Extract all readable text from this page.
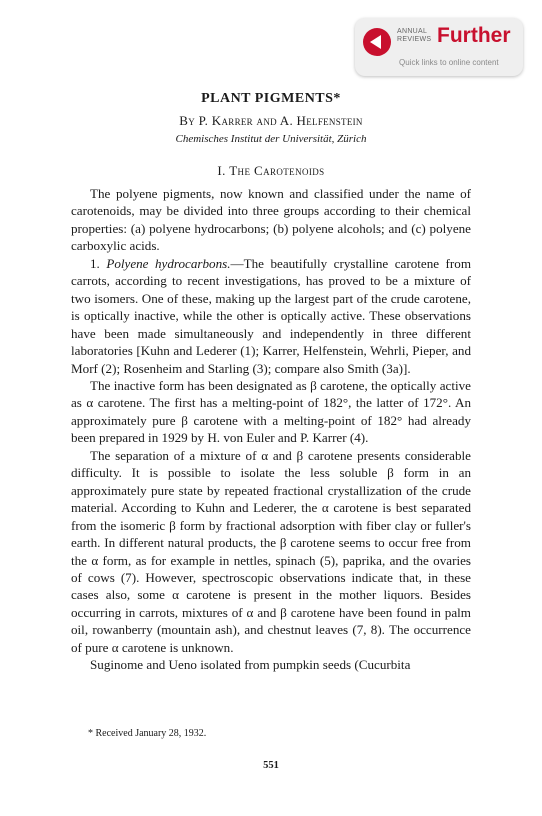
ANNUAL
REVIEWS Further
Quick links to online content
PLANT PIGMENTS*
By P. Karrer and A. Helfenstein
Chemisches Institut der Universität, Zürich
I. The Carotenoids

The polyene pigments, now known and classified under the name of carotenoids, may be divided into three groups according to their chemical properties: (a) polyene hydrocarbons; (b) polyene alcohols; and (c) polyene carboxylic acids.

1. Polyene hydrocarbons.—The beautifully crystalline carotene from carrots, according to recent investigations, has proved to be a mixture of two isomers. One of these, making up the largest part of the crude carotene, is optically inactive, while the other is optically active. These observations have been made simultaneously and independently in three different laboratories [Kuhn and Lederer (1); Karrer, Helfenstein, Wehrli, Pieper, and Morf (2); Rosenheim and Starling (3); compare also Smith (3a)].

The inactive form has been designated as β carotene, the optically active as α carotene. The first has a melting-point of 182°, the latter of 172°. An approximately pure β carotene with a melting-point of 182° had already been prepared in 1929 by H. von Euler and P. Karrer (4).

The separation of a mixture of α and β carotene presents considerable difficulty. It is possible to isolate the less soluble β form in an approximately pure state by repeated fractional crystallization of the crude material. According to Kuhn and Lederer, the α carotene is best separated from the isomeric β form by fractional adsorption with fiber clay or fuller's earth. In different natural products, the β carotene seems to occur free from the α form, as for example in nettles, spinach (5), paprika, and the ovaries of cows (7). However, spectroscopic observations indicate that, in these cases also, some α carotene is present in the mother liquors. Besides occurring in carrots, mixtures of α and β carotene have been found in palm oil, rowanberry (mountain ash), and chestnut leaves (7, 8). The occurrence of pure α carotene is unknown.

Suginome and Ueno isolated from pumpkin seeds (Cucurbita

* Received January 28, 1932.
551
